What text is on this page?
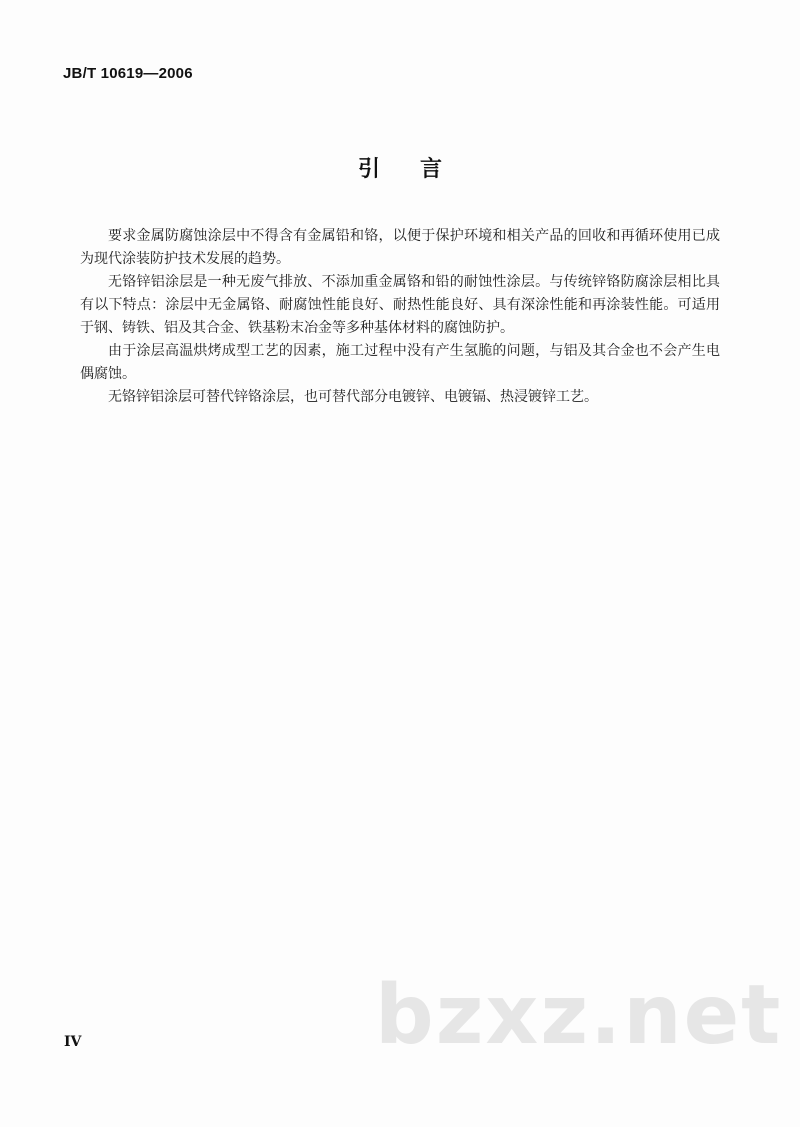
JB/T 10619—2006
引言

要求金属防腐蚀涂层中不得含有金属铅和铬，以便于保护环境和相关产品的回收和再循环使用已成为现代涂装防护技术发展的趋势。

无铬锌铝涂层是一种无废气排放、不添加重金属铬和铅的耐蚀性涂层。与传统锌铬防腐涂层相比具有以下特点：涂层中无金属铬、耐腐蚀性能良好、耐热性能良好、具有深涂性能和再涂装性能。可适用于钢、铸铁、铝及其合金、铁基粉末冶金等多种基体材料的腐蚀防护。

由于涂层高温烘烤成型工艺的因素，施工过程中没有产生氢脆的问题，与铝及其合金也不会产生电偶腐蚀。

无铬锌铝涂层可替代锌铬涂层，也可替代部分电镀锌、电镀镉、热浸镀锌工艺。

bzxz.net
IV
